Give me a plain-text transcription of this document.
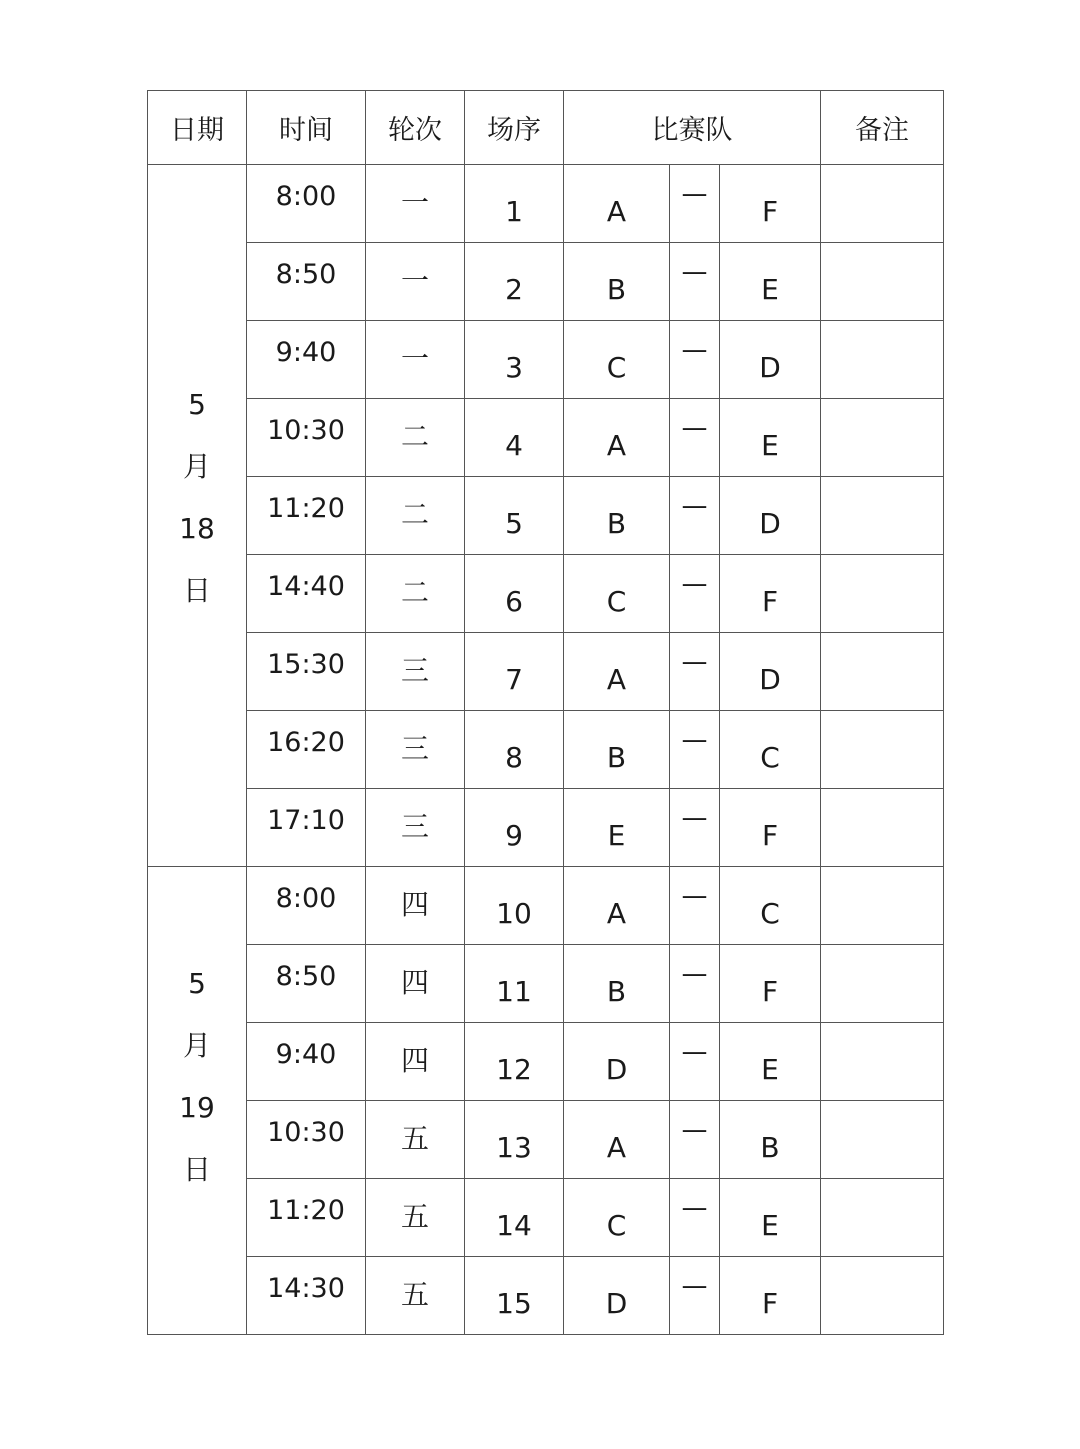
日期	时间	轮次	场序	比赛队			备注

5
月
18
日	8:00	一	1	A	—	F	

	8:50	一	2	B	—	E	

	9:40	一	3	C	—	D	

	10:30	二	4	A	—	E	

	11:20	二	5	B	—	D	

	14:40	二	6	C	—	F	

	15:30	三	7	A	—	D	

	16:20	三	8	B	—	C	

	17:10	三	9	E	—	F	

5
月
19
日	8:00	四	10	A	—	C	

	8:50	四	11	B	—	F	

	9:40	四	12	D	—	E	

	10:30	五	13	A	—	B	

	11:20	五	14	C	—	E	

	14:30	五	15	D	—	F	
